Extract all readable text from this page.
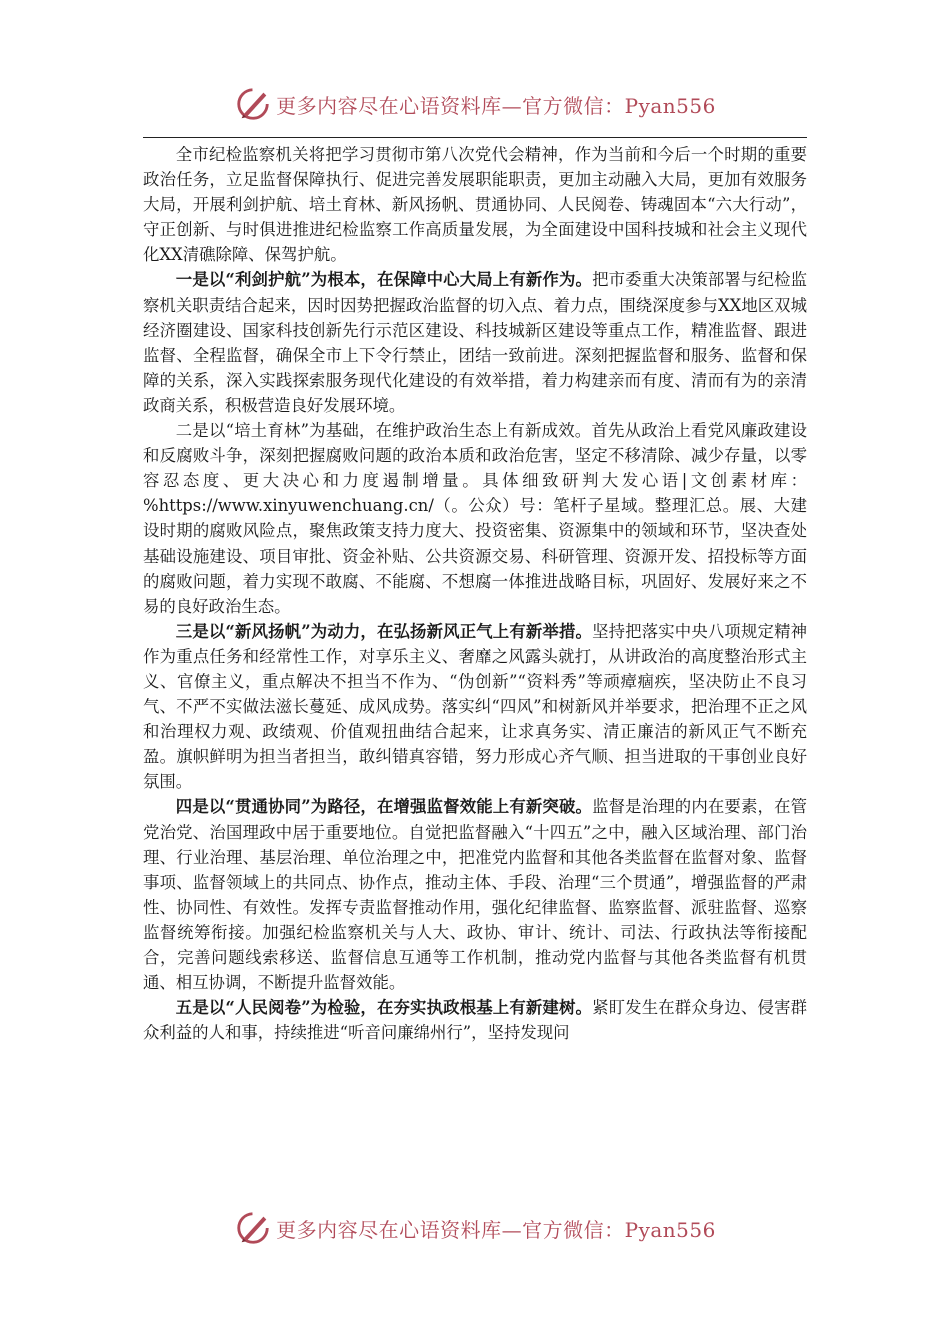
更多内容尽在心语资料库—官方微信：Pyan556

全市纪检监察机关将把学习贯彻市第八次党代会精神，作为当前和今后一个时期的重要政治任务，立足监督保障执行、促进完善发展职能职责，更加主动融入大局，更加有效服务大局，开展利剑护航、培土育林、新风扬帆、贯通协同、人民阅卷、铸魂固本“六大行动”，守正创新、与时俱进推进纪检监察工作高质量发展，为全面建设中国科技城和社会主义现代化XX清礁除障、保驾护航。

一是以“利剑护航”为根本，在保障中心大局上有新作为。把市委重大决策部署与纪检监察机关职责结合起来，因时因势把握政治监督的切入点、着力点，围绕深度参与XX地区双城经济圈建设、国家科技创新先行示范区建设、科技城新区建设等重点工作，精准监督、跟进监督、全程监督，确保全市上下令行禁止，团结一致前进。深刻把握监督和服务、监督和保障的关系，深入实践探索服务现代化建设的有效举措，着力构建亲而有度、清而有为的亲清政商关系，积极营造良好发展环境。

二是以“培土育林”为基础，在维护政治生态上有新成效。首先从政治上看党风廉政建设和反腐败斗争，深刻把握腐败问题的政治本质和政治危害，坚定不移清除、减少存量，以零容忍态度、更大决心和力度遏制增量。具体细致研判大发心语|文创素材库：%https://www.xinyuwenchuang.cn/（。公众）号：笔杆子星域。整理汇总。展、大建设时期的腐败风险点，聚焦政策支持力度大、投资密集、资源集中的领域和环节，坚决查处基础设施建设、项目审批、资金补贴、公共资源交易、科研管理、资源开发、招投标等方面的腐败问题，着力实现不敢腐、不能腐、不想腐一体推进战略目标，巩固好、发展好来之不易的良好政治生态。

三是以“新风扬帆”为动力，在弘扬新风正气上有新举措。坚持把落实中央八项规定精神作为重点任务和经常性工作，对享乐主义、奢靡之风露头就打，从讲政治的高度整治形式主义、官僚主义，重点解决不担当不作为、“伪创新”“资料秀”等顽瘴痼疾，坚决防止不良习气、不严不实做法滋长蔓延、成风成势。落实纠“四风”和树新风并举要求，把治理不正之风和治理权力观、政绩观、价值观扭曲结合起来，让求真务实、清正廉洁的新风正气不断充盈。旗帜鲜明为担当者担当，敢纠错真容错，努力形成心齐气顺、担当进取的干事创业良好氛围。

四是以“贯通协同”为路径，在增强监督效能上有新突破。监督是治理的内在要素，在管党治党、治国理政中居于重要地位。自觉把监督融入“十四五”之中，融入区域治理、部门治理、行业治理、基层治理、单位治理之中，把准党内监督和其他各类监督在监督对象、监督事项、监督领域上的共同点、协作点，推动主体、手段、治理“三个贯通”，增强监督的严肃性、协同性、有效性。发挥专责监督推动作用，强化纪律监督、监察监督、派驻监督、巡察监督统筹衔接。加强纪检监察机关与人大、政协、审计、统计、司法、行政执法等衔接配合，完善问题线索移送、监督信息互通等工作机制，推动党内监督与其他各类监督有机贯通、相互协调，不断提升监督效能。

五是以“人民阅卷”为检验，在夯实执政根基上有新建树。紧盯发生在群众身边、侵害群众利益的人和事，持续推进“听音问廉绵州行”，坚持发现问

更多内容尽在心语资料库—官方微信：Pyan556
